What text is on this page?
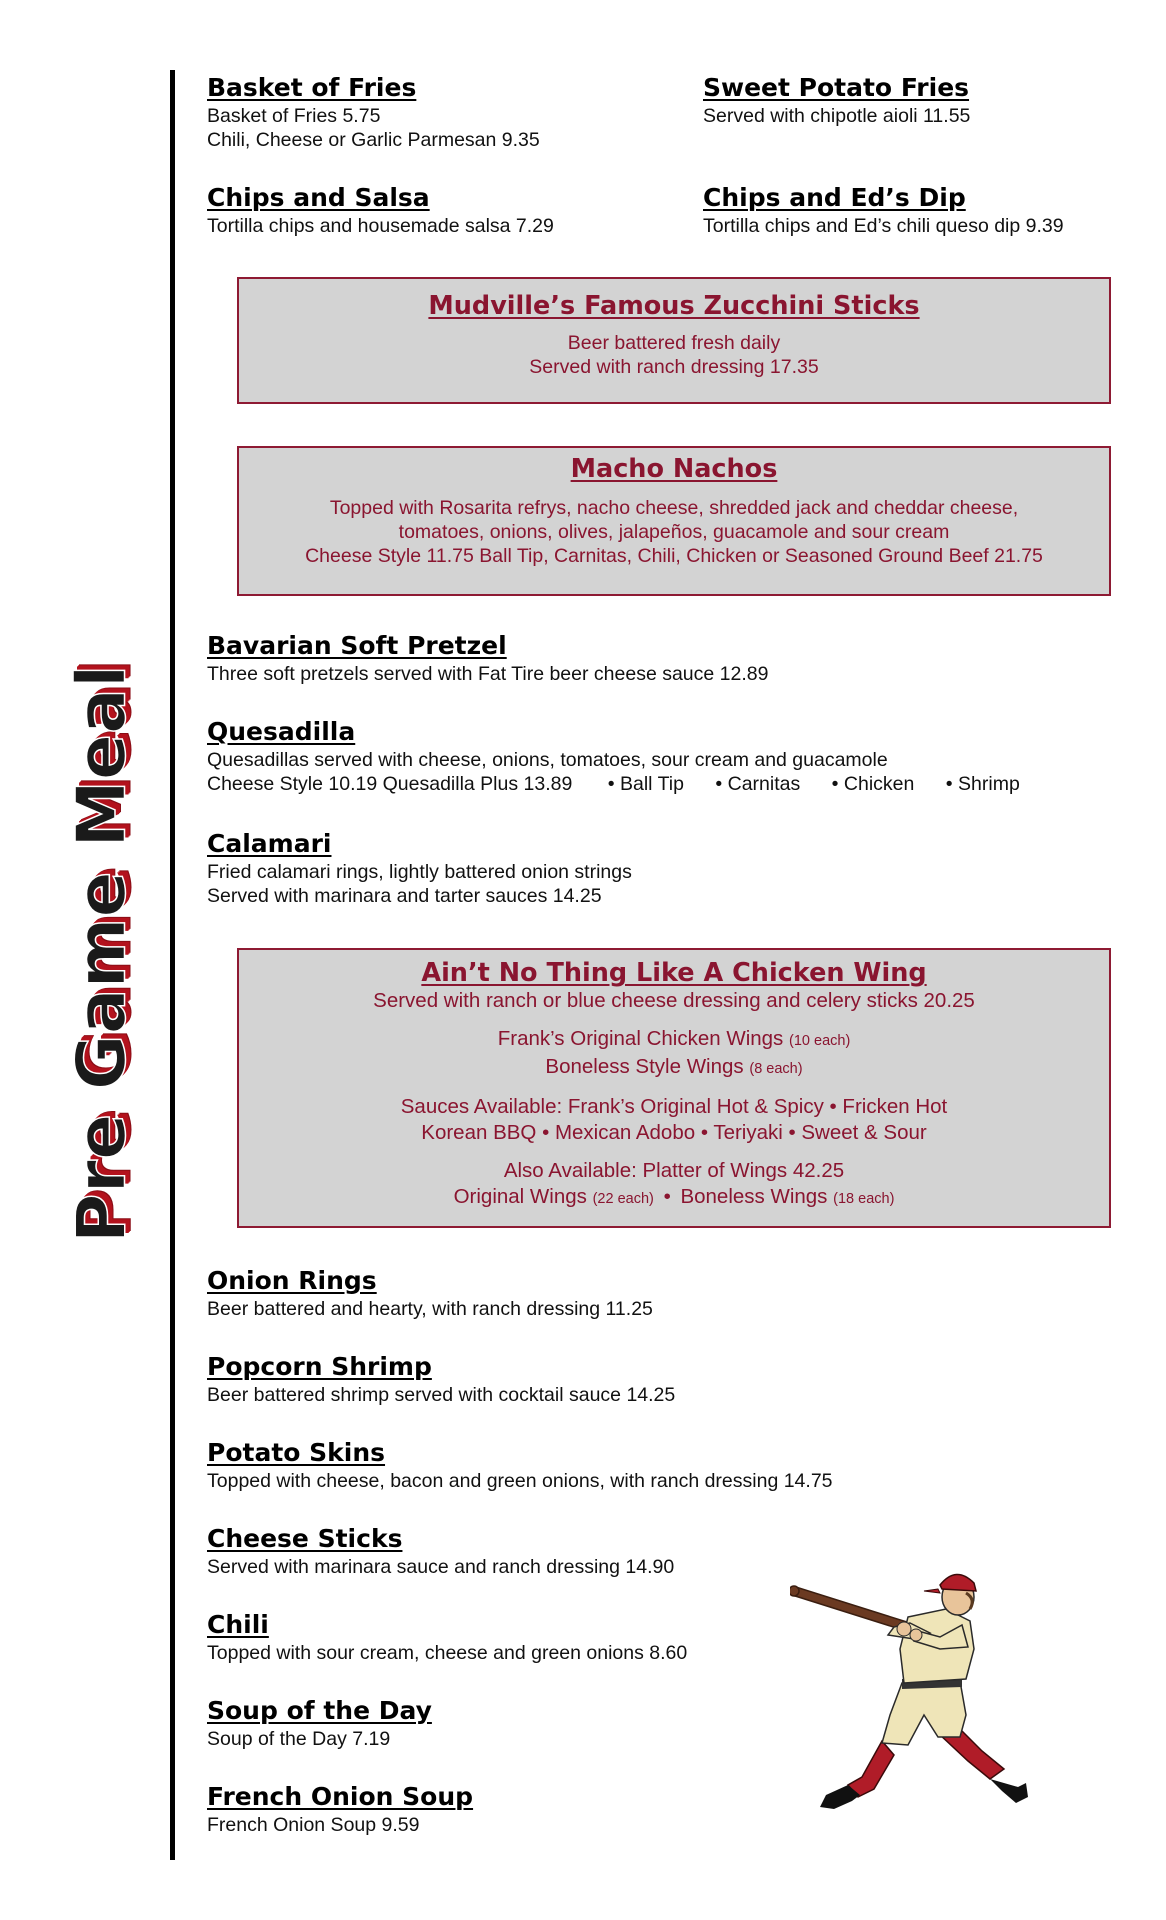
Pre Game Meal
Basket of Fries
Basket of Fries 5.75
Chili, Cheese or Garlic Parmesan 9.35
Sweet Potato Fries
Served with chipotle aioli 11.55
Chips and Salsa
Tortilla chips and housemade salsa 7.29
Chips and Ed’s Dip
Tortilla chips and Ed’s chili queso dip 9.39
Mudville’s Famous Zucchini Sticks
Beer battered fresh daily
Served with ranch dressing 17.35
Macho Nachos
Topped with Rosarita refrys, nacho cheese, shredded jack and cheddar cheese,
tomatoes, onions, olives, jalapeños, guacamole and sour cream
Cheese Style 11.75 Ball Tip, Carnitas, Chili, Chicken or Seasoned Ground Beef 21.75
Bavarian Soft Pretzel
Three soft pretzels served with Fat Tire beer cheese sauce 12.89
Quesadilla
Quesadillas served with cheese, onions, tomatoes, sour cream and guacamole
Cheese Style 10.19 Quesadilla Plus 13.89 • Ball Tip • Carnitas • Chicken • Shrimp
Calamari
Fried calamari rings, lightly battered onion strings
Served with marinara and tarter sauces 14.25
Ain’t No Thing Like A Chicken Wing
Served with ranch or blue cheese dressing and celery sticks 20.25
Frank’s Original Chicken Wings (10 each)
Boneless Style Wings (8 each)
Sauces Available: Frank’s Original Hot & Spicy • Fricken Hot
Korean BBQ • Mexican Adobo • Teriyaki • Sweet & Sour
Also Available: Platter of Wings 42.25
Original Wings (22 each) • Boneless Wings (18 each)
Onion Rings
Beer battered and hearty, with ranch dressing 11.25
Popcorn Shrimp
Beer battered shrimp served with cocktail sauce 14.25
Potato Skins
Topped with cheese, bacon and green onions, with ranch dressing 14.75
Cheese Sticks
Served with marinara sauce and ranch dressing 14.90
Chili
Topped with sour cream, cheese and green onions 8.60
Soup of the Day
Soup of the Day 7.19
French Onion Soup
French Onion Soup 9.59
